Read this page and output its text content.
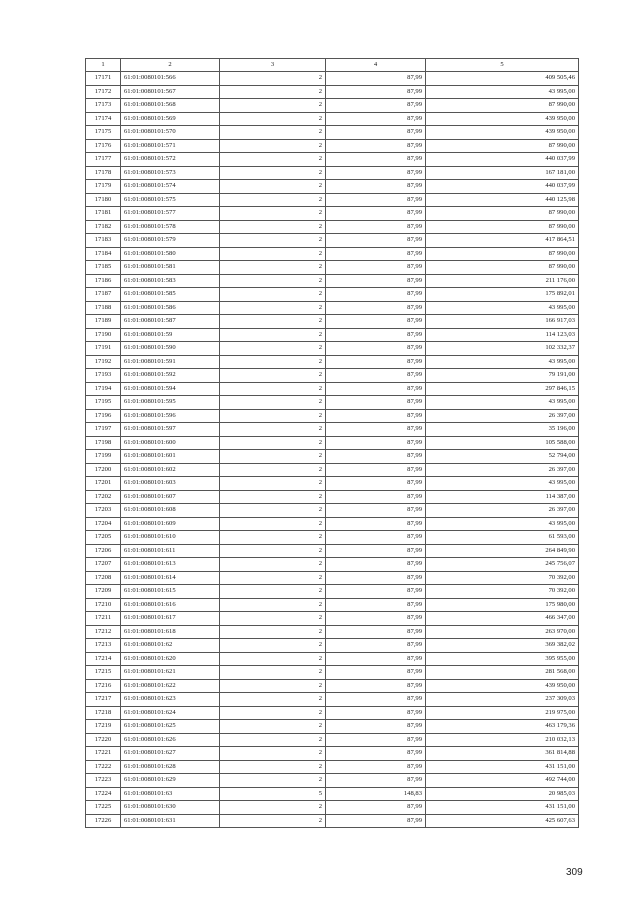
1	2	3	4	5
17171	61:01:0080101:566	2	87,99	409 505,46
17172	61:01:0080101:567	2	87,99	43 995,00
17173	61:01:0080101:568	2	87,99	87 990,00
17174	61:01:0080101:569	2	87,99	439 950,00
17175	61:01:0080101:570	2	87,99	439 950,00
17176	61:01:0080101:571	2	87,99	87 990,00
17177	61:01:0080101:572	2	87,99	440 037,99
17178	61:01:0080101:573	2	87,99	167 181,00
17179	61:01:0080101:574	2	87,99	440 037,99
17180	61:01:0080101:575	2	87,99	440 125,98
17181	61:01:0080101:577	2	87,99	87 990,00
17182	61:01:0080101:578	2	87,99	87 990,00
17183	61:01:0080101:579	2	87,99	417 864,51
17184	61:01:0080101:580	2	87,99	87 990,00
17185	61:01:0080101:581	2	87,99	87 990,00
17186	61:01:0080101:583	2	87,99	211 176,00
17187	61:01:0080101:585	2	87,99	175 892,01
17188	61:01:0080101:586	2	87,99	43 995,00
17189	61:01:0080101:587	2	87,99	166 917,03
17190	61:01:0080101:59	2	87,99	114 123,03
17191	61:01:0080101:590	2	87,99	102 332,37
17192	61:01:0080101:591	2	87,99	43 995,00
17193	61:01:0080101:592	2	87,99	79 191,00
17194	61:01:0080101:594	2	87,99	297 846,15
17195	61:01:0080101:595	2	87,99	43 995,00
17196	61:01:0080101:596	2	87,99	26 397,00
17197	61:01:0080101:597	2	87,99	35 196,00
17198	61:01:0080101:600	2	87,99	105 588,00
17199	61:01:0080101:601	2	87,99	52 794,00
17200	61:01:0080101:602	2	87,99	26 397,00
17201	61:01:0080101:603	2	87,99	43 995,00
17202	61:01:0080101:607	2	87,99	114 387,00
17203	61:01:0080101:608	2	87,99	26 397,00
17204	61:01:0080101:609	2	87,99	43 995,00
17205	61:01:0080101:610	2	87,99	61 593,00
17206	61:01:0080101:611	2	87,99	264 849,90
17207	61:01:0080101:613	2	87,99	245 756,07
17208	61:01:0080101:614	2	87,99	70 392,00
17209	61:01:0080101:615	2	87,99	70 392,00
17210	61:01:0080101:616	2	87,99	175 980,00
17211	61:01:0080101:617	2	87,99	466 347,00
17212	61:01:0080101:618	2	87,99	263 970,00
17213	61:01:0080101:62	2	87,99	369 382,02
17214	61:01:0080101:620	2	87,99	395 955,00
17215	61:01:0080101:621	2	87,99	281 568,00
17216	61:01:0080101:622	2	87,99	439 950,00
17217	61:01:0080101:623	2	87,99	237 309,03
17218	61:01:0080101:624	2	87,99	219 975,00
17219	61:01:0080101:625	2	87,99	463 179,36
17220	61:01:0080101:626	2	87,99	210 032,13
17221	61:01:0080101:627	2	87,99	361 814,88
17222	61:01:0080101:628	2	87,99	431 151,00
17223	61:01:0080101:629	2	87,99	492 744,00
17224	61:01:0080101:63	5	148,83	20 985,03
17225	61:01:0080101:630	2	87,99	431 151,00
17226	61:01:0080101:631	2	87,99	425 607,63
309
